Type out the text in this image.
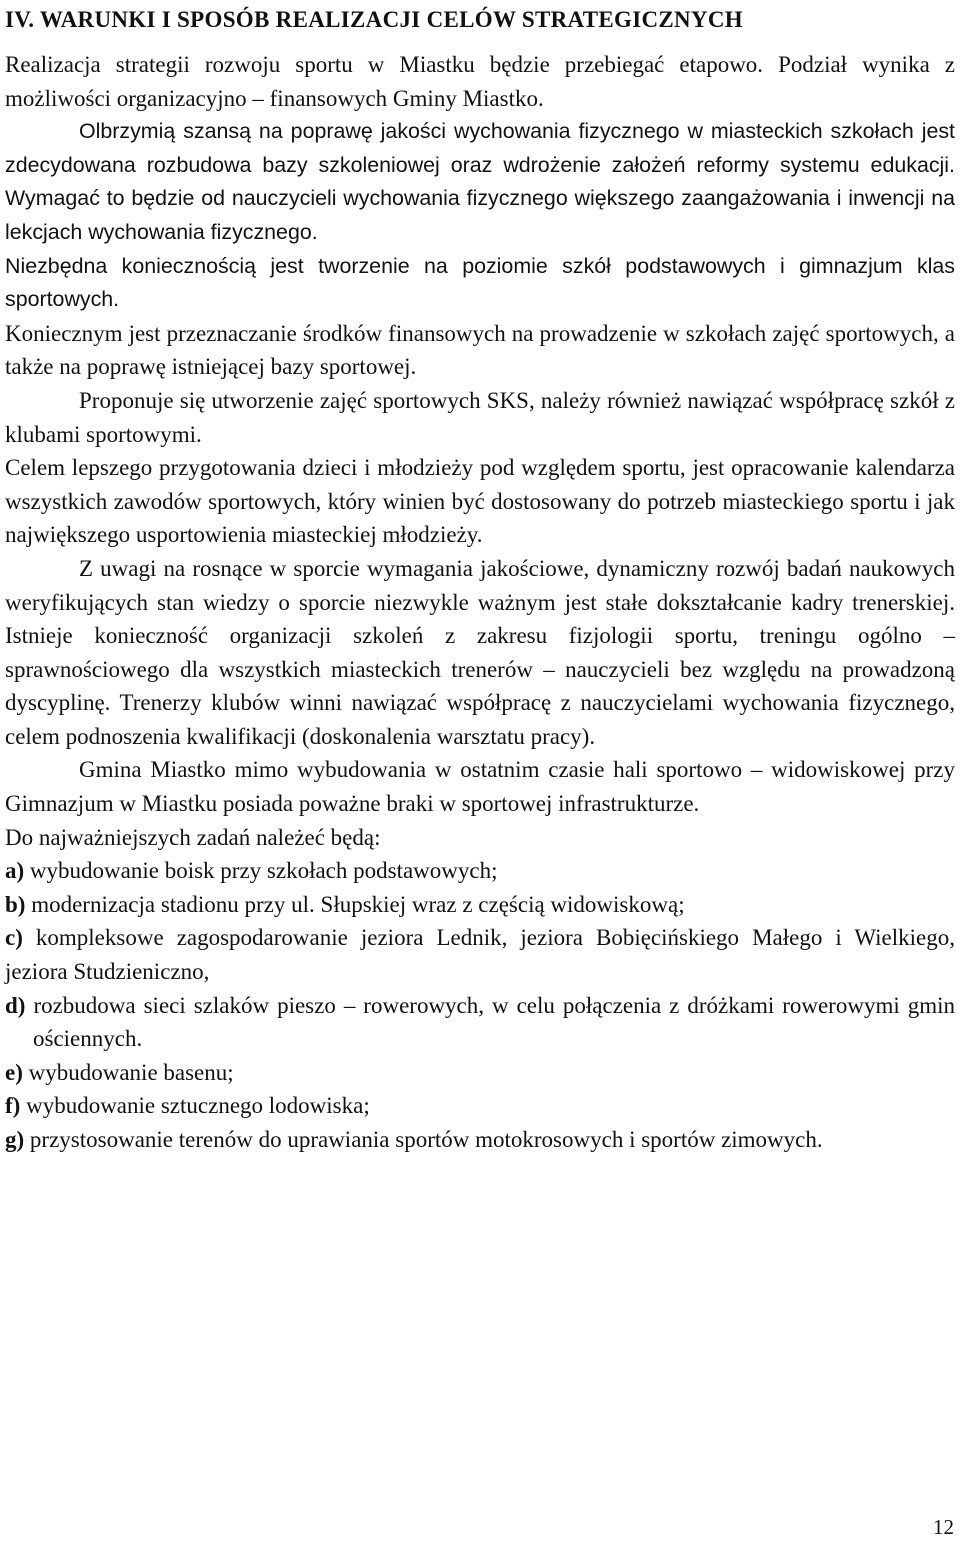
IV. WARUNKI I SPOSÓB REALIZACJI CELÓW STRATEGICZNYCH

Realizacja strategii rozwoju sportu w Miastku będzie przebiegać etapowo. Podział wynika z możliwości organizacyjno – finansowych Gminy Miastko.

Olbrzymią szansą na poprawę jakości wychowania fizycznego w miasteckich szkołach jest zdecydowana rozbudowa bazy szkoleniowej oraz wdrożenie założeń reformy systemu edukacji. Wymagać to będzie od nauczycieli wychowania fizycznego większego zaangażowania i inwencji na lekcjach wychowania fizycznego.

Niezbędna koniecznością jest tworzenie na poziomie szkół podstawowych i gimnazjum klas sportowych.

Koniecznym jest przeznaczanie środków finansowych na prowadzenie w szkołach zajęć sportowych, a także na poprawę istniejącej bazy sportowej.

Proponuje się utworzenie zajęć sportowych SKS, należy również nawiązać współpracę szkół z klubami sportowymi.

Celem lepszego przygotowania dzieci i młodzieży pod względem sportu, jest opracowanie kalendarza wszystkich zawodów sportowych, który winien być dostosowany do potrzeb miasteckiego sportu i jak największego usportowienia miasteckiej młodzieży.

Z uwagi na rosnące w sporcie wymagania jakościowe, dynamiczny rozwój badań naukowych weryfikujących stan wiedzy o sporcie niezwykle ważnym jest stałe dokształcanie kadry trenerskiej. Istnieje konieczność organizacji szkoleń z zakresu fizjologii sportu, treningu ogólno – sprawnościowego dla wszystkich miasteckich trenerów – nauczycieli bez względu na prowadzoną dyscyplinę. Trenerzy klubów winni nawiązać współpracę z nauczycielami wychowania fizycznego, celem podnoszenia kwalifikacji (doskonalenia warsztatu pracy).

Gmina Miastko mimo wybudowania w ostatnim czasie hali sportowo – widowiskowej przy Gimnazjum w Miastku posiada poważne braki w sportowej infrastrukturze.

Do najważniejszych zadań należeć będą:

a) wybudowanie boisk przy szkołach podstawowych;
b) modernizacja stadionu przy ul. Słupskiej wraz z częścią widowiskową;
c) kompleksowe zagospodarowanie jeziora Lednik, jeziora Bobięcińskiego Małego i Wielkiego, jeziora Studzieniczno,
d) rozbudowa sieci szlaków pieszo – rowerowych, w celu połączenia z dróżkami rowerowymi gmin ościennych.
e) wybudowanie basenu;
f) wybudowanie sztucznego lodowiska;
g) przystosowanie terenów do uprawiania sportów motokrosowych i sportów zimowych.
12
